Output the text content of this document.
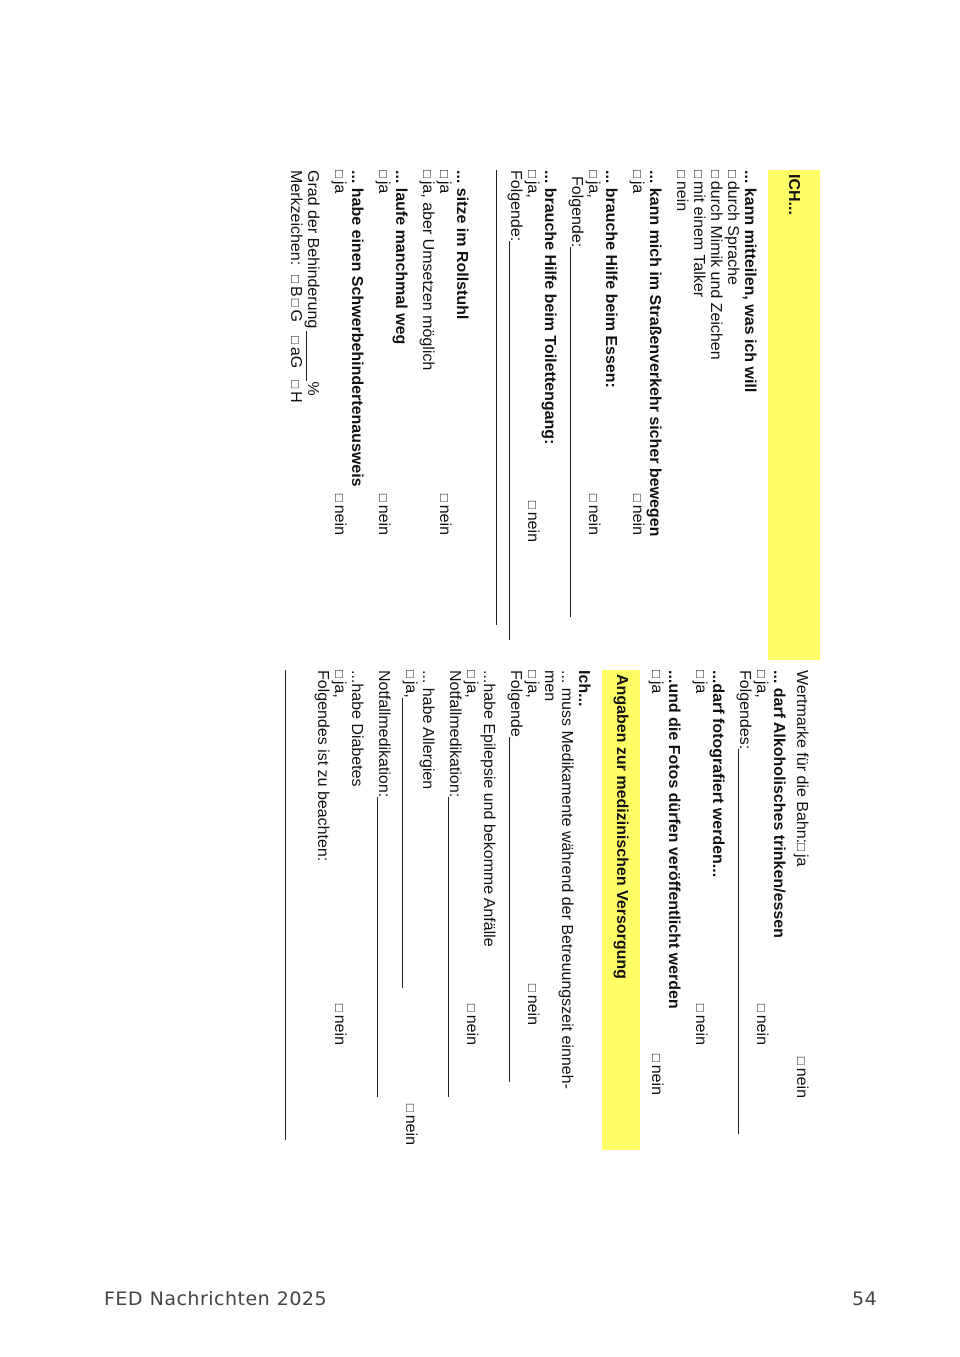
ICH...
... kann mitteilen, was ich will
□
durch Sprache
□
durch Mimik und Zeichen
□
mit einem Talker
□
nein
... kann mich im Straßenverkehr sicher bewegen
□ja
□nein
... brauche Hilfe beim Essen:
□ja,
□nein
Folgende:
... brauche Hilfe beim Toilettengang:
□ja,
□nein
Folgende:
... sitze im Rollstuhl
□ja
□nein
□
ja, aber Umsetzen möglich
... laufe manchmal weg
□ja
□nein
... habe einen Schwerbehindertenausweis
□ja
□nein
Grad der Behinderung
%
Merkzeichen:
□B
□G
□aG
□H
Wertmarke für die Bahn:□ja
□nein
... darf Alkoholisches trinken/essen
□ja,
□nein
Folgendes:
...darf fotografiert werden...
□ja
□nein
...und die Fotos dürfen veröffentlicht werden
□ja
□nein
Angaben zur medizinischen Versorgung
Ich...
... muss Medikamente während der Betreuungszeit einneh-
men
□ja,
□nein
Folgende
...habe Epilepsie und bekomme Anfälle
□ja,
□nein
Notfallmedikation:
... habe Allergien
□ja,
□nein
Notfallmedikation:
...habe Diabetes
□ja,
□nein
Folgendes ist zu beachten:
FED Nachrichten 2025	54
